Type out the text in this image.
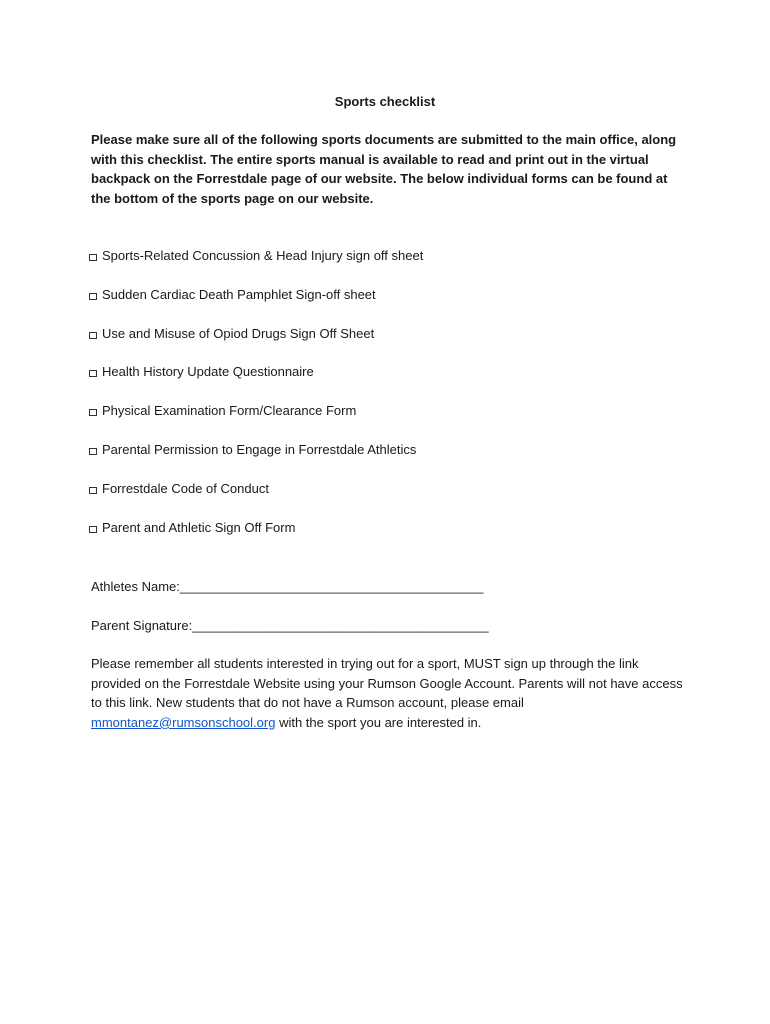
Sports checklist

Please make sure all of the following sports documents are submitted to the main office, along with this checklist. The entire sports manual is available to read and print out in the virtual backpack on the Forrestdale page of our website. The below individual forms can be found at the bottom of the sports page on our website.

Sports-Related Concussion & Head Injury sign off sheet
Sudden Cardiac Death Pamphlet Sign-off sheet
Use and Misuse of Opiod Drugs Sign Off Sheet
Health History Update Questionnaire
Physical Examination Form/Clearance Form
Parental Permission to Engage in Forrestdale Athletics
Forrestdale Code of Conduct
Parent and Athletic Sign Off Form
Athletes Name:__________________________________________
Parent Signature:_________________________________________

Please remember all students interested in trying out for a sport, MUST sign up through the link provided on the Forrestdale Website using your Rumson Google Account. Parents will not have access to this link. New students that do not have a Rumson account, please email mmontanez@rumsonschool.org with the sport you are interested in.
